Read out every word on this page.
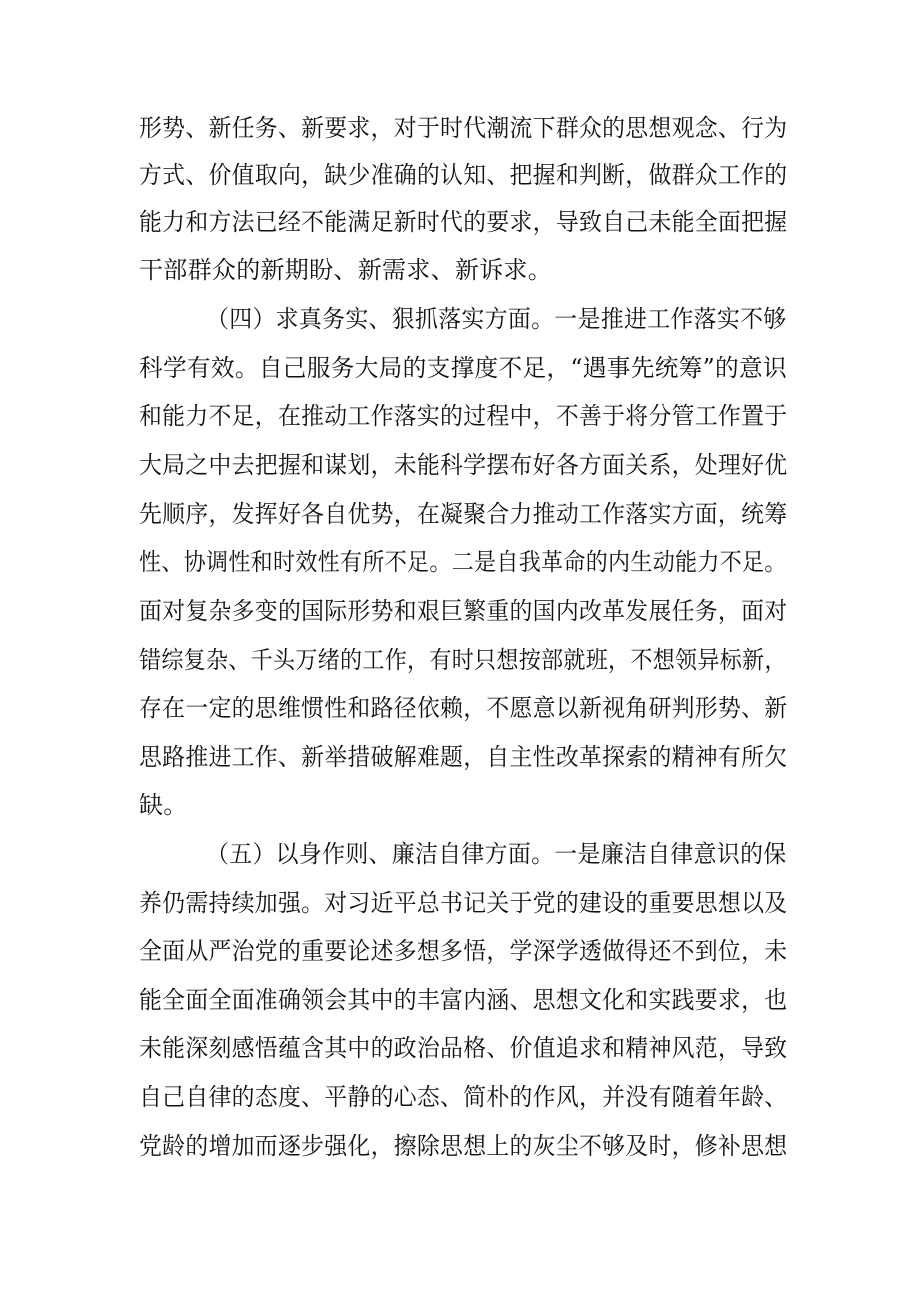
形势、新任务、新要求，对于时代潮流下群众的思想观念、行为
方式、价值取向，缺少准确的认知、把握和判断，做群众工作的
能力和方法已经不能满足新时代的要求，导致自己未能全面把握
干部群众的新期盼、新需求、新诉求。
（四）求真务实、狠抓落实方面。一是推进工作落实不够
科学有效。自己服务大局的支撑度不足，“遇事先统筹”的意识
和能力不足，在推动工作落实的过程中，不善于将分管工作置于
大局之中去把握和谋划，未能科学摆布好各方面关系，处理好优
先顺序，发挥好各自优势，在凝聚合力推动工作落实方面，统筹
性、协调性和时效性有所不足。二是自我革命的内生动能力不足。
面对复杂多变的国际形势和艰巨繁重的国内改革发展任务，面对
错综复杂、千头万绪的工作，有时只想按部就班，不想领异标新，
存在一定的思维惯性和路径依赖，不愿意以新视角研判形势、新
思路推进工作、新举措破解难题，自主性改革探索的精神有所欠
缺。
（五）以身作则、廉洁自律方面。一是廉洁自律意识的保
养仍需持续加强。对习近平总书记关于党的建设的重要思想以及
全面从严治党的重要论述多想多悟，学深学透做得还不到位，未
能全面全面准确领会其中的丰富内涵、思想文化和实践要求，也
未能深刻感悟蕴含其中的政治品格、价值追求和精神风范，导致
自己自律的态度、平静的心态、简朴的作风，并没有随着年龄、
党龄的增加而逐步强化，擦除思想上的灰尘不够及时，修补思想
